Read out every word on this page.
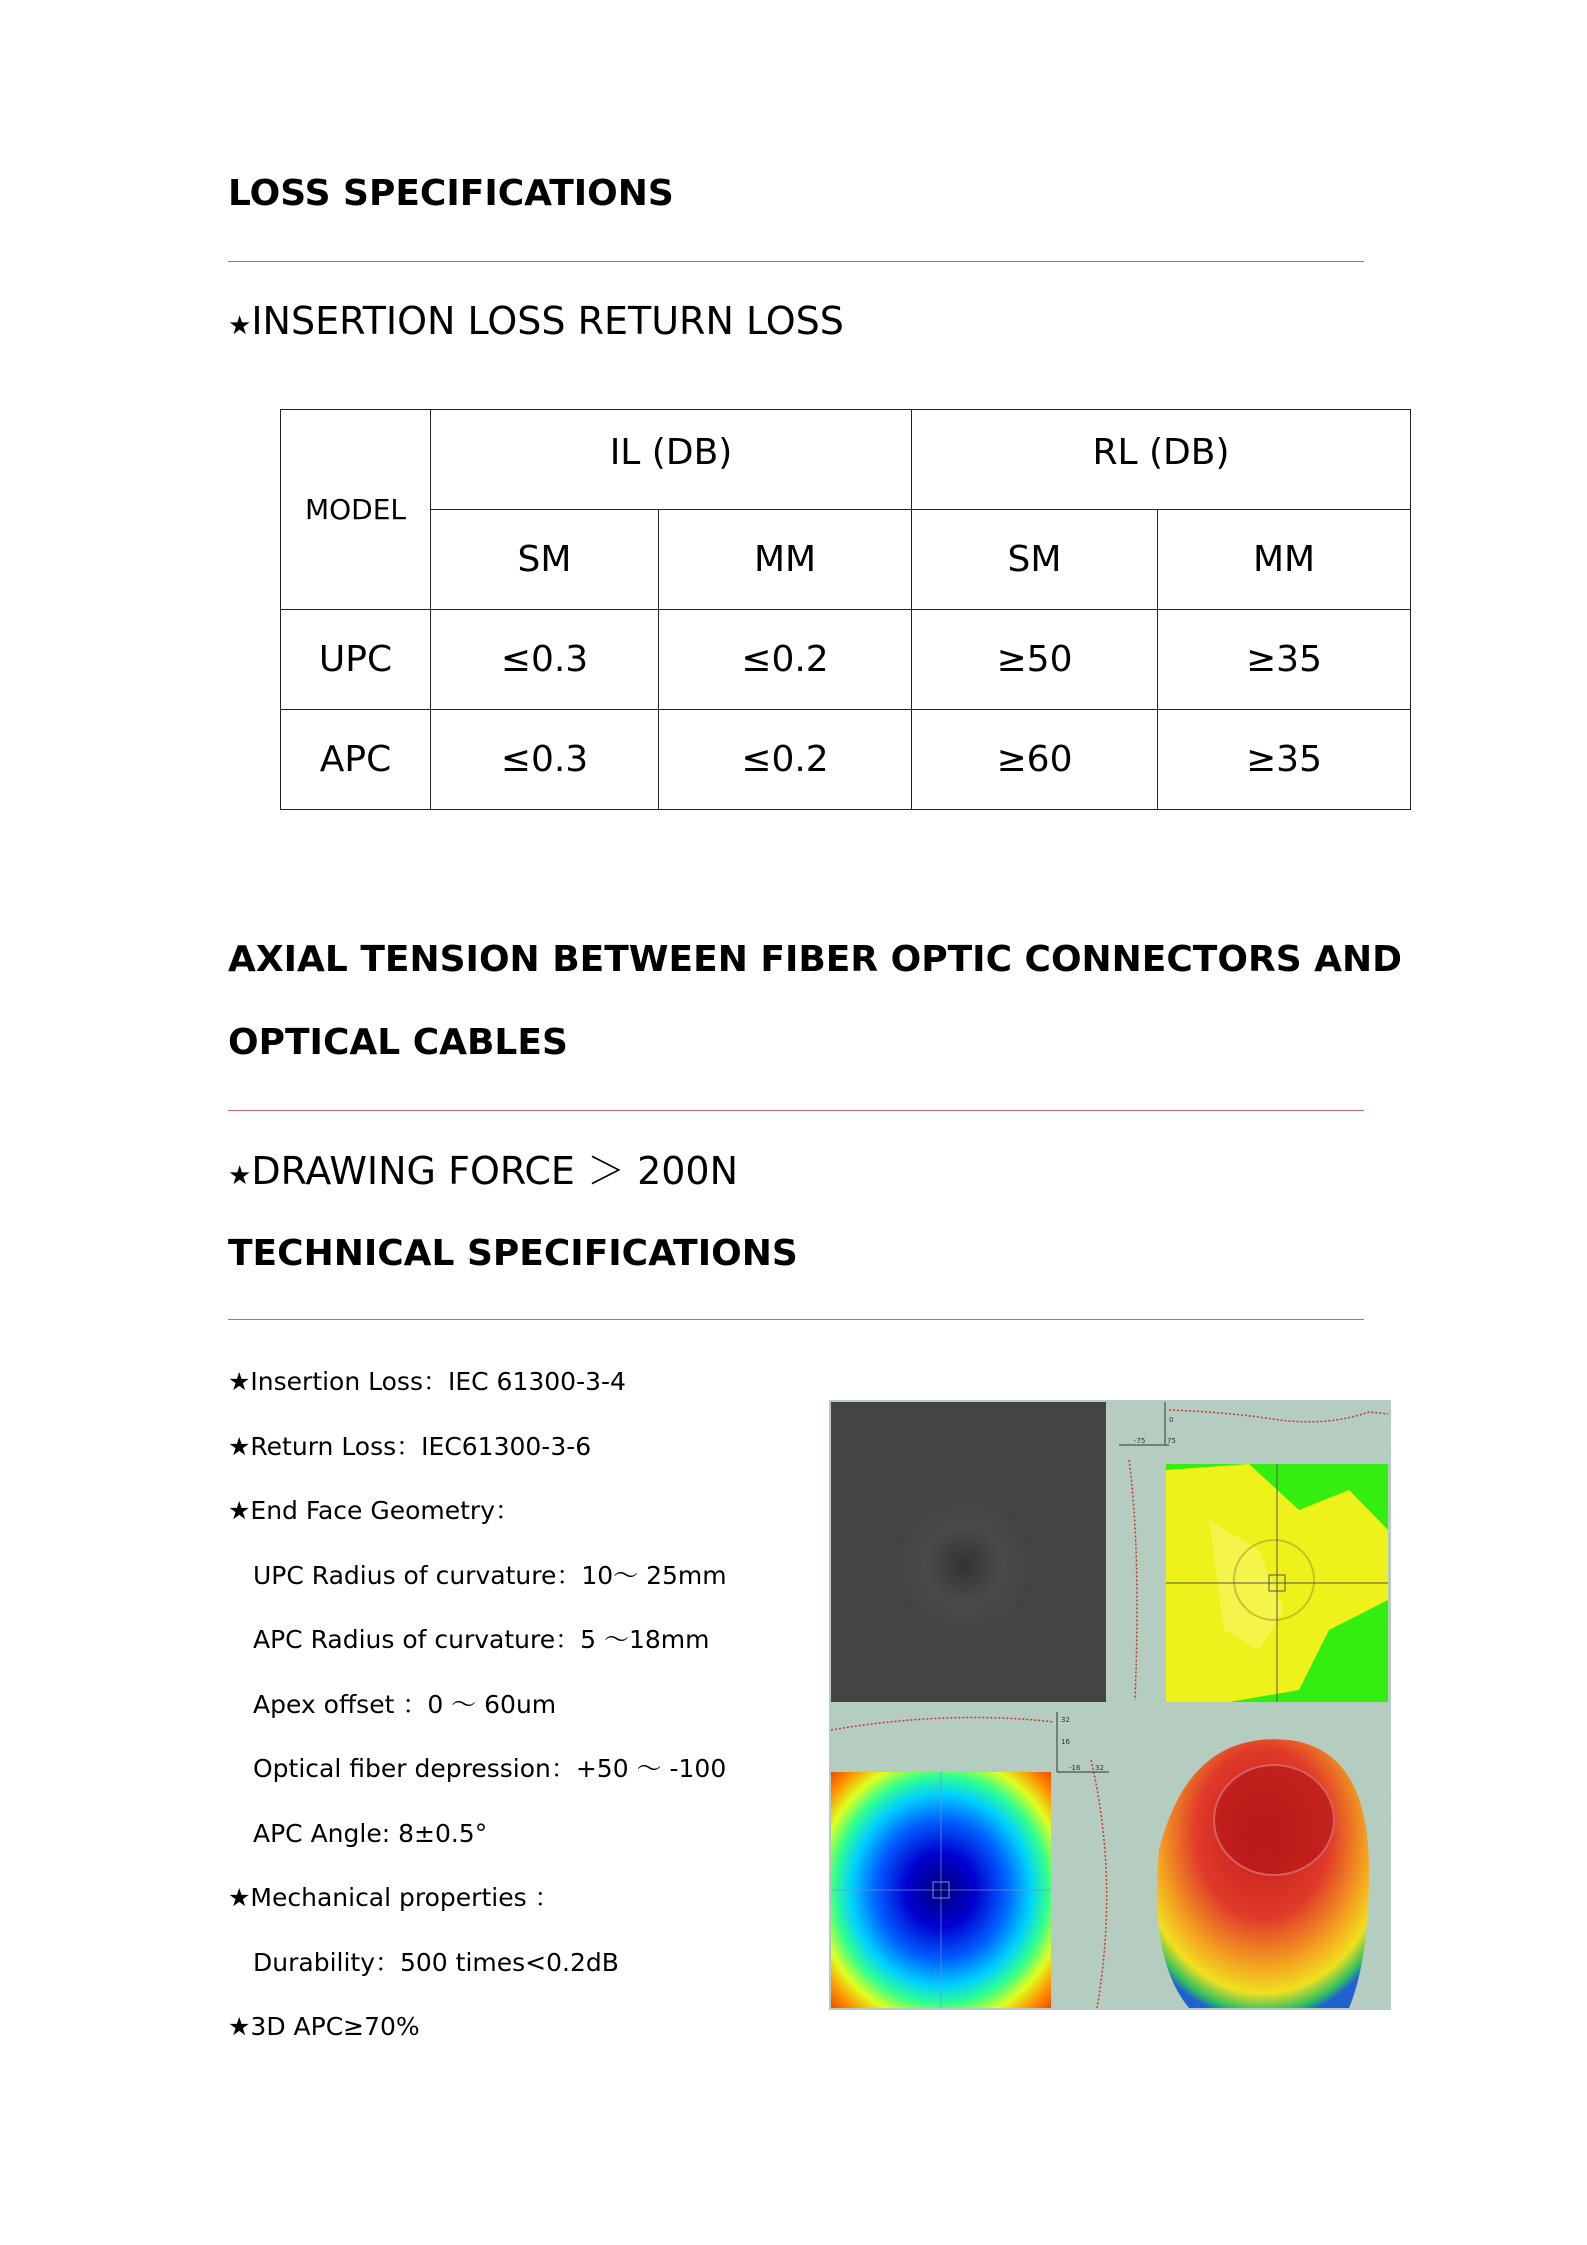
LOSS SPECIFICATIONS
★INSERTION LOSS RETURN LOSS
MODEL	IL (DB)		RL (DB)	
	SM	MM	SM	MM
UPC	≤0.3	≤0.2	≥50	≥35
APC	≤0.3	≤0.2	≥60	≥35
AXIAL TENSION BETWEEN FIBER OPTIC CONNECTORS AND
OPTICAL CABLES
★DRAWING FORCE ＞ 200N
TECHNICAL SPECIFICATIONS
★Insertion Loss：IEC 61300-3-4
★Return Loss：IEC61300-3-6
★End Face Geometry：
UPC Radius of curvature：10～ 25mm
APC Radius of curvature：5 ～18mm
Apex offset ：0 ～ 60um
Optical fiber depression：+50 ～ -100
APC Angle: 8±0.5°
★Mechanical properties ：
Durability：500 times<0.2dB
★3D APC≥70%
0
-75	75
32
16
-16 32
